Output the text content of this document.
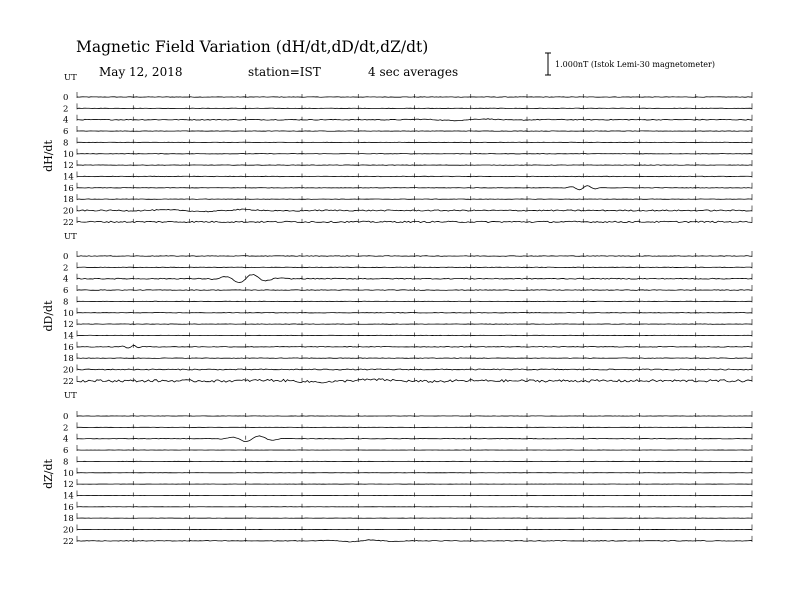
Magnetic Field Variation (dH/dt,dD/dt,dZ/dt)
May 12, 2018	station=IST	4 sec averages
1.000nT (Istok Lemi-30 magnetometer)
UT
dH/dt
0
2
4
6
8
10
12
14
16
18
20
22
UT
dD/dt
0
2
4
6
8
10
12
14
16
18
20
22
UT
dZ/dt
0
2
4
6
8
10
12
14
16
18
20
22
